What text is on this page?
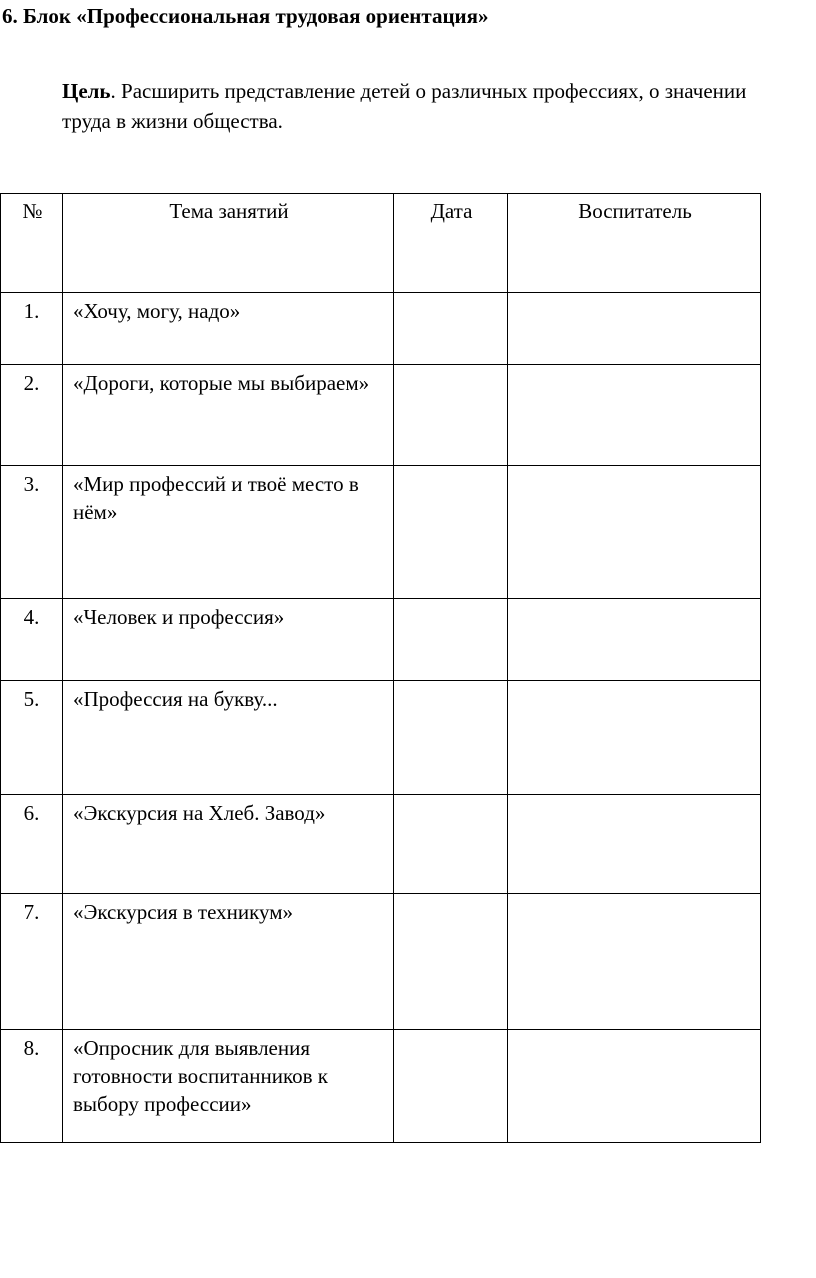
6. Блок «Профессиональная трудовая ориентация»
Цель. Расширить представление детей о различных профессиях, о значении труда в жизни общества.
№	Тема занятий	Дата	Воспитатель
1.	«Хочу, могу, надо»		
2.	«Дороги, которые мы выбираем»		
3.	«Мир профессий и твоё место в нём»		
4.	«Человек и профессия»		
5.	«Профессия на букву...		
6.	«Экскурсия на Хлеб. Завод»		
7.	«Экскурсия в техникум»		
8.	«Опросник для выявления готовности воспитанников к выбору профессии»		
